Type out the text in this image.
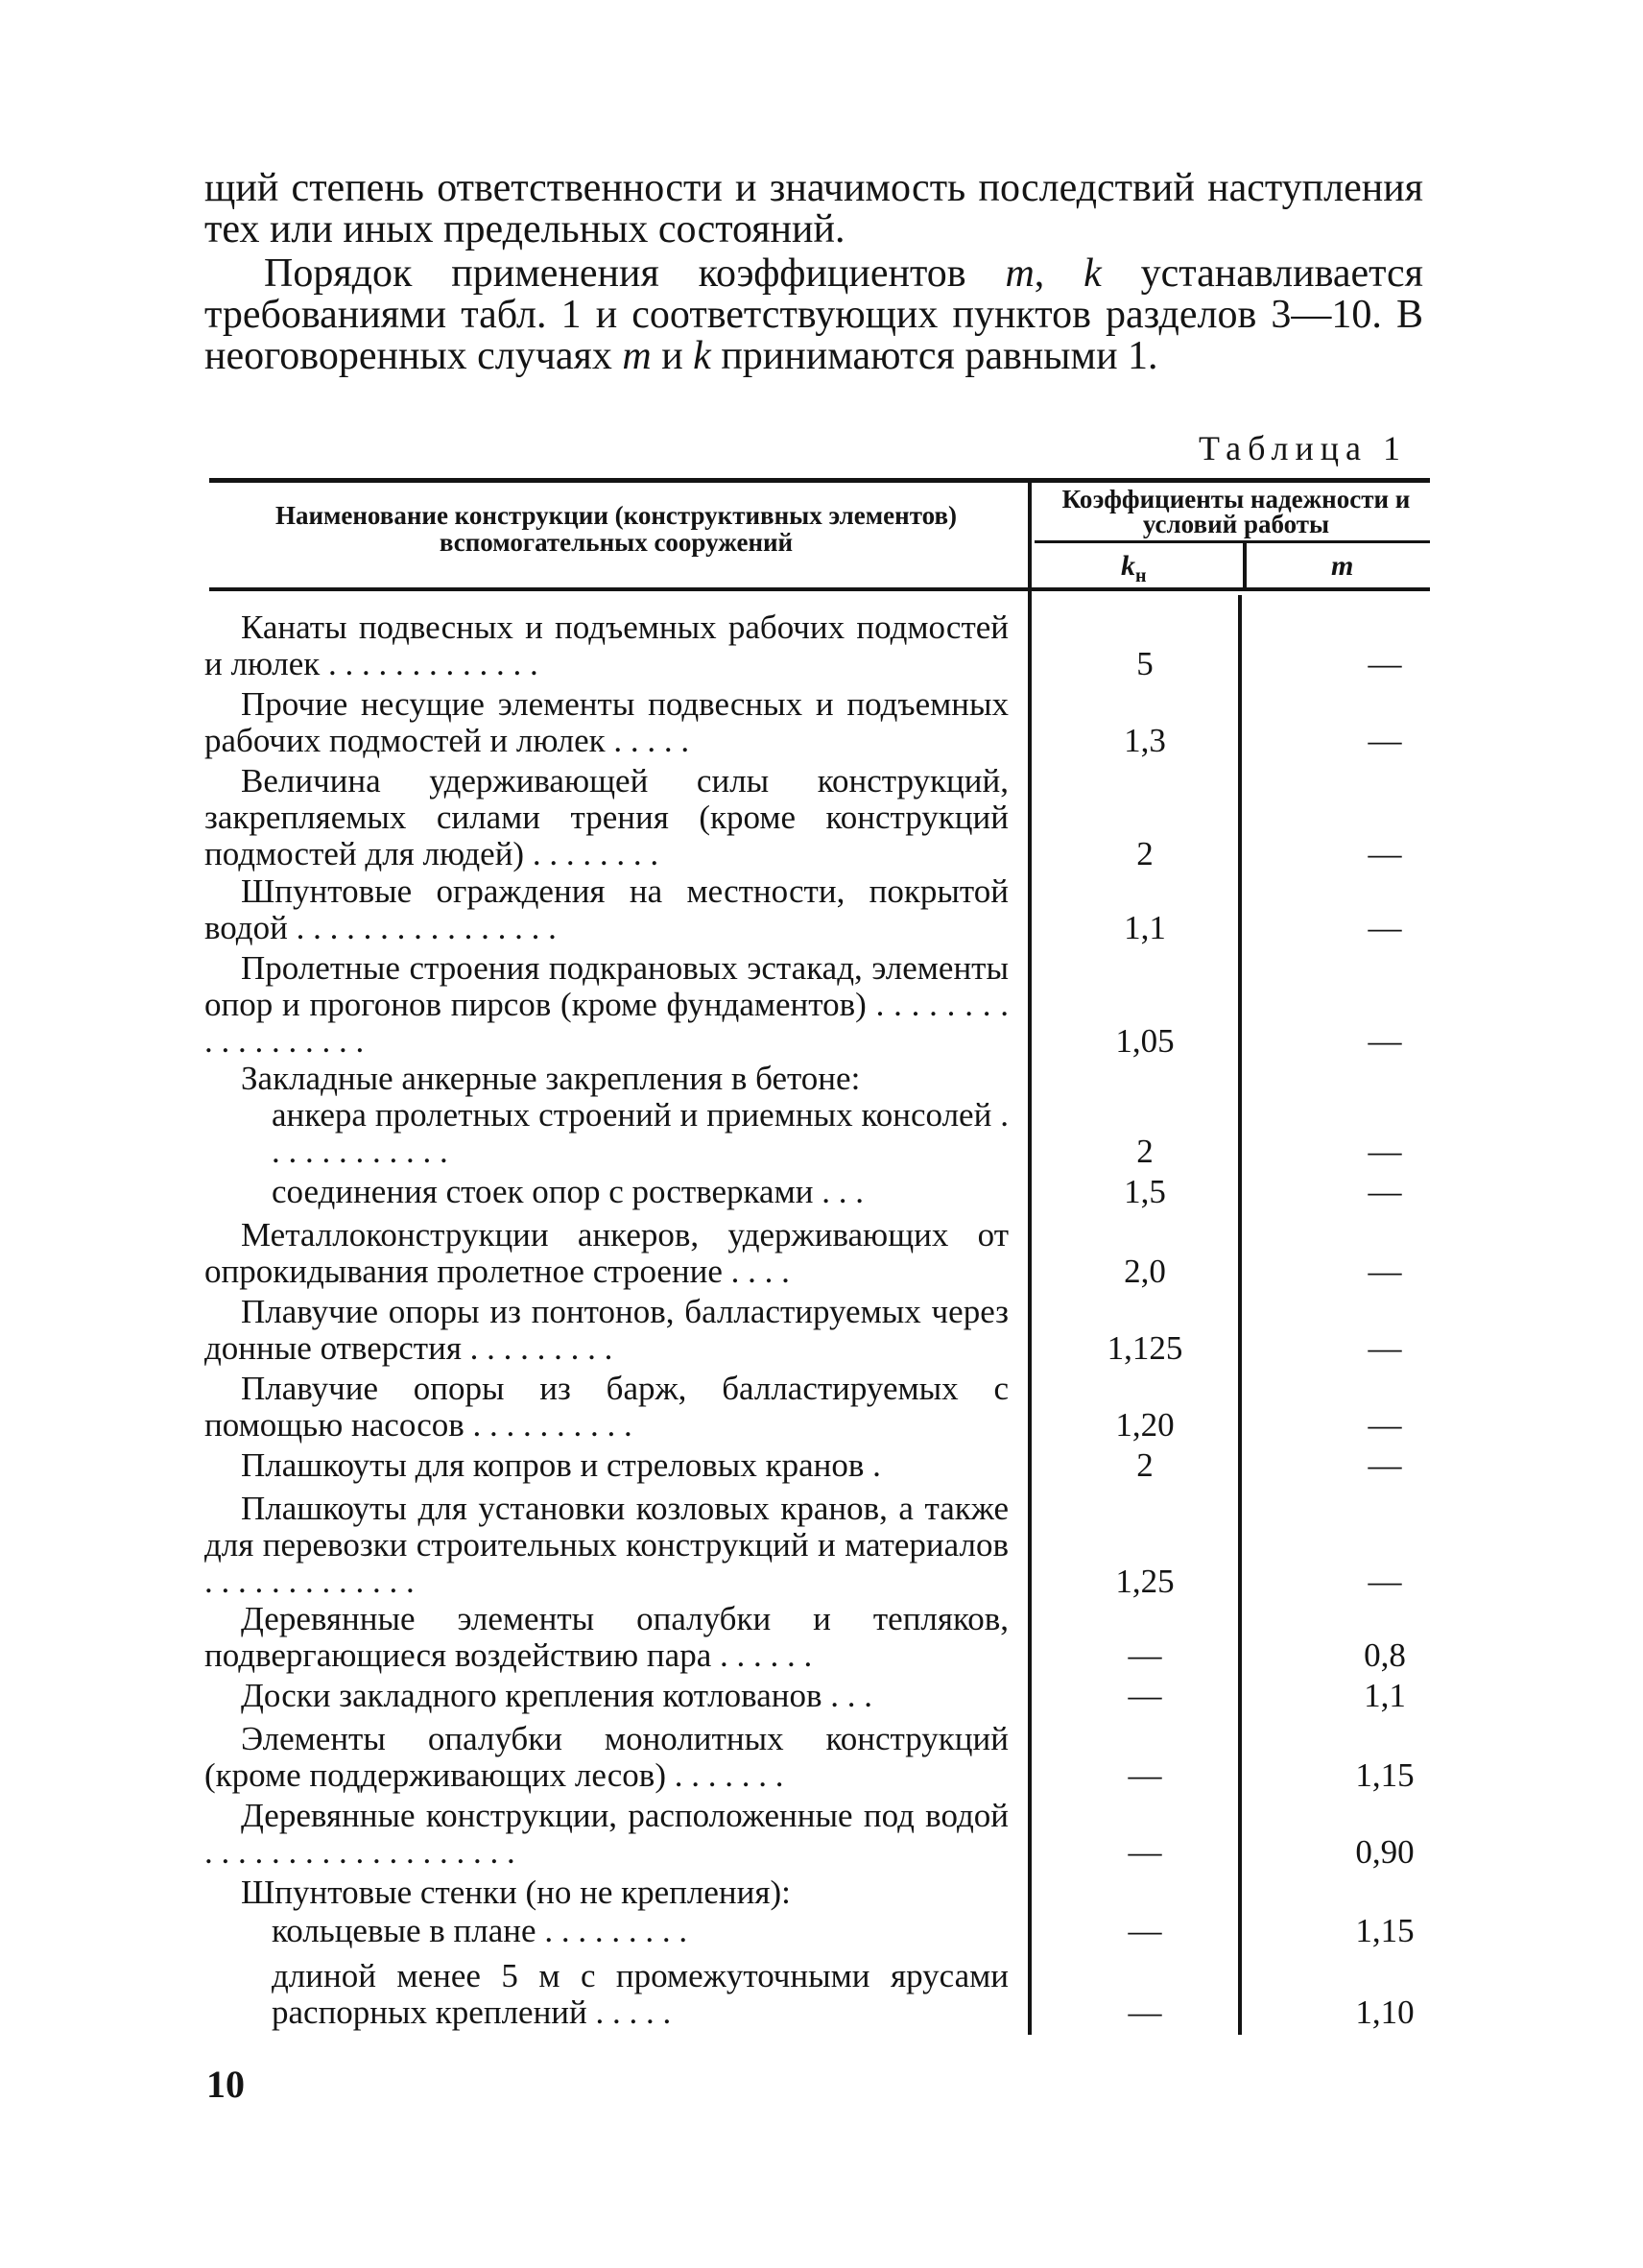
щий степень ответственности и значимость последствий наступления тех или иных предельных состояний.

Порядок применения коэффициентов m, k устанавливается требованиями табл. 1 и соответствующих пунктов разделов 3—10. В неоговоренных случаях m и k принимаются равными 1.

Таблица 1
Наименование конструкции (конструктивных элементов) вспомогательных сооружений
Коэффициенты надежности и условий работы
$k_н$	m
Канаты подвесных и подъемных рабочих подмостей и люлек . . . . . . . . . . . . .	5	—
Прочие несущие элементы подвесных и подъемных рабочих подмостей и люлек . . . . .	1,3	—
Величина удерживающей силы конструкций, закрепляемых силами трения (кроме конструкций подмостей для людей) . . . . . . . .	2	—
Шпунтовые ограждения на местности, покрытой водой . . . . . . . . . . . . . . . .	1,1	—
Пролетные строения подкрановых эстакад, элементы опор и прогонов пирсов (кроме фундаментов) . . . . . . . . . . . . . . . . . .	1,05	—
Закладные анкерные закрепления в бетоне:
анкера пролетных строений и приемных консолей . . . . . . . . . . . .	2	—
соединения стоек опор с ростверками . . .	1,5	—
Металлоконструкции анкеров, удерживающих от опрокидывания пролетное строение . . . .	2,0	—
Плавучие опоры из понтонов, балластируемых через донные отверстия . . . . . . . . .	1,125	—
Плавучие опоры из барж, балластируемых с помощью насосов . . . . . . . . . .	1,20	—
Плашкоуты для копров и стреловых кранов .	2	—
Плашкоуты для установки козловых кранов, а также для перевозки строительных конструкций и материалов . . . . . . . . . . . . .	1,25	—
Деревянные элементы опалубки и тепляков, подвергающиеся воздействию пара . . . . . .	—	0,8
Доски закладного крепления котлованов . . .	—	1,1
Элементы опалубки монолитных конструкций (кроме поддерживающих лесов) . . . . . . .	—	1,15
Деревянные конструкции, расположенные под водой . . . . . . . . . . . . . . . . . . .	—	0,90
Шпунтовые стенки (но не крепления):
кольцевые в плане . . . . . . . . .	—	1,15
длиной менее 5 м с промежуточными ярусами распорных креплений . . . . .	—	1,10
10
